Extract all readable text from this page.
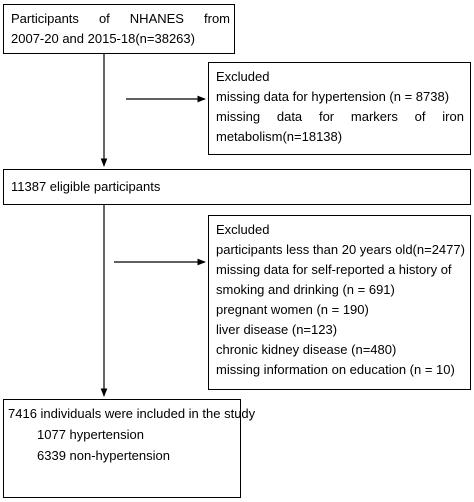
Participants of NHANES from
2007-20 and 2015-18(n=38263)
Excluded
missing data for hypertension (n = 8738)
missing data for markers of iron
metabolism(n=18138)
11387 eligible participants
Excluded
participants less than 20 years old(n=2477)
missing data for self-reported a history of
smoking and drinking (n = 691)
pregnant women (n = 190)
liver disease (n=123)
chronic kidney disease (n=480)
missing information on education (n = 10)
7416 individuals were included in the study
1077 hypertension
6339 non-hypertension
